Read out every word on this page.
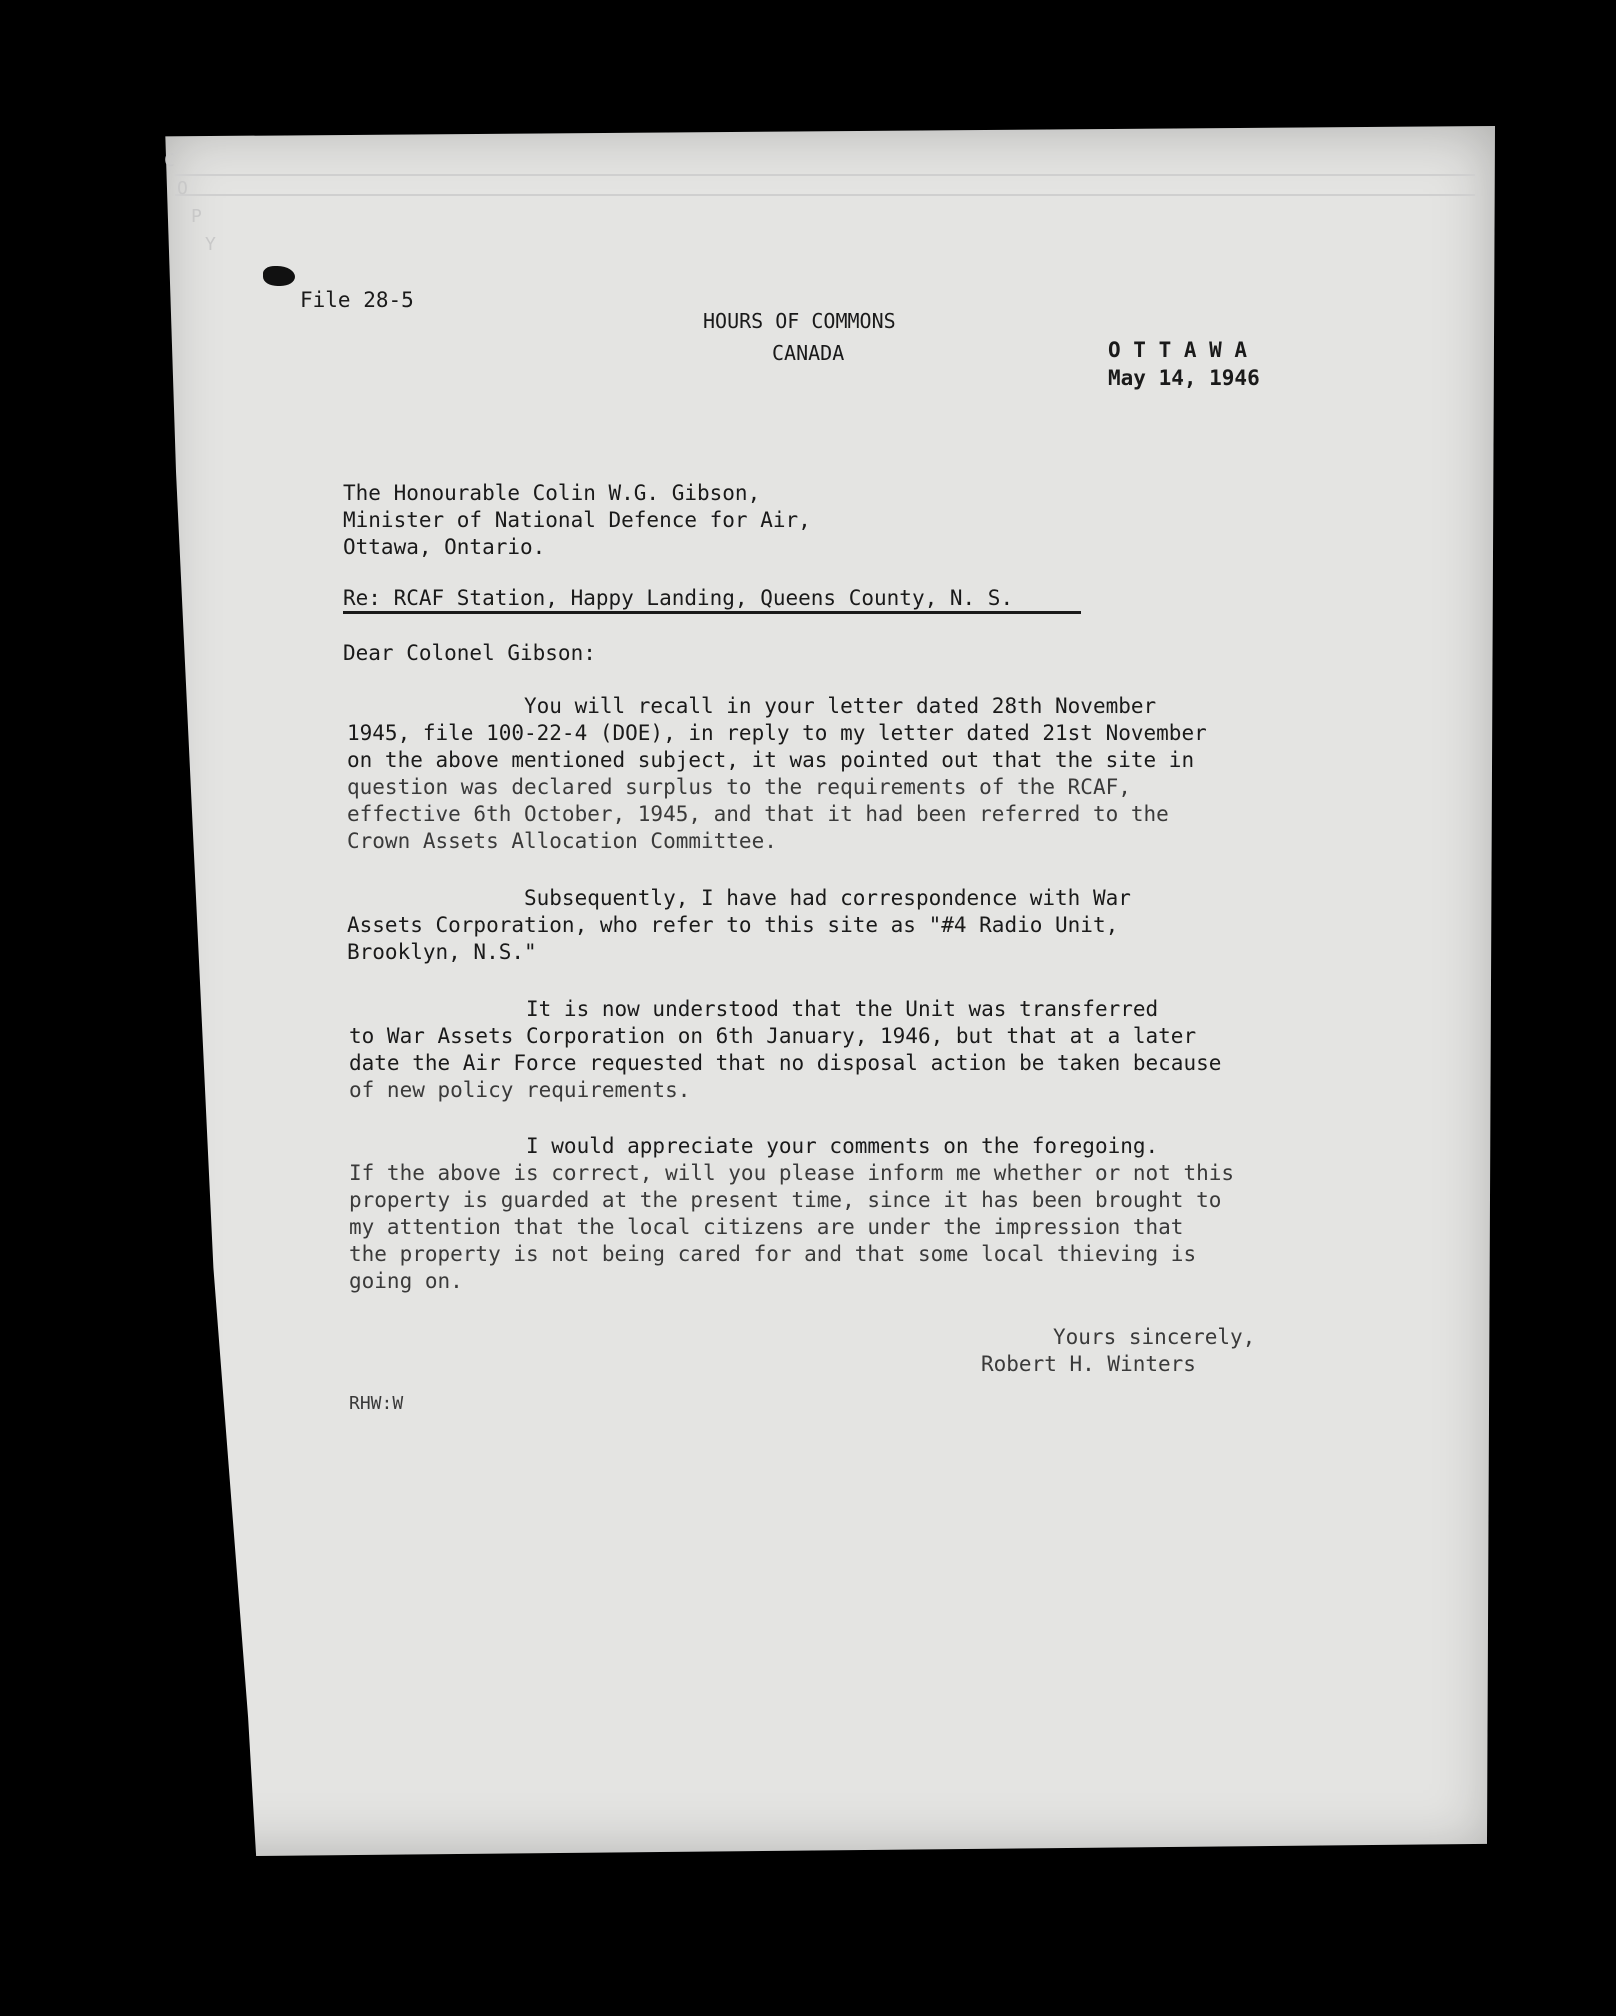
C
O
P
Y
File 28-5
HOURS OF COMMONS
CANADA	O T T A W A
May 14, 1946
The Honourable Colin W.G. Gibson,
Minister of National Defence for Air,
Ottawa, Ontario.
Re: RCAF Station, Happy Landing, Queens County, N. S.
Dear Colonel Gibson:
You will recall in your letter dated 28th November
1945, file 100-22-4 (DOE), in reply to my letter dated 21st November
on the above mentioned subject, it was pointed out that the site in
question was declared surplus to the requirements of the RCAF,
effective 6th October, 1945, and that it had been referred to the
Crown Assets Allocation Committee.
Subsequently, I have had correspondence with War
Assets Corporation, who refer to this site as "#4 Radio Unit,
Brooklyn, N.S."
It is now understood that the Unit was transferred
to War Assets Corporation on 6th January, 1946, but that at a later
date the Air Force requested that no disposal action be taken because
of new policy requirements.
I would appreciate your comments on the foregoing.
If the above is correct, will you please inform me whether or not this
property is guarded at the present time, since it has been brought to
my attention that the local citizens are under the impression that
the property is not being cared for and that some local thieving is
going on.
Yours sincerely,
Robert H. Winters
RHW:W
